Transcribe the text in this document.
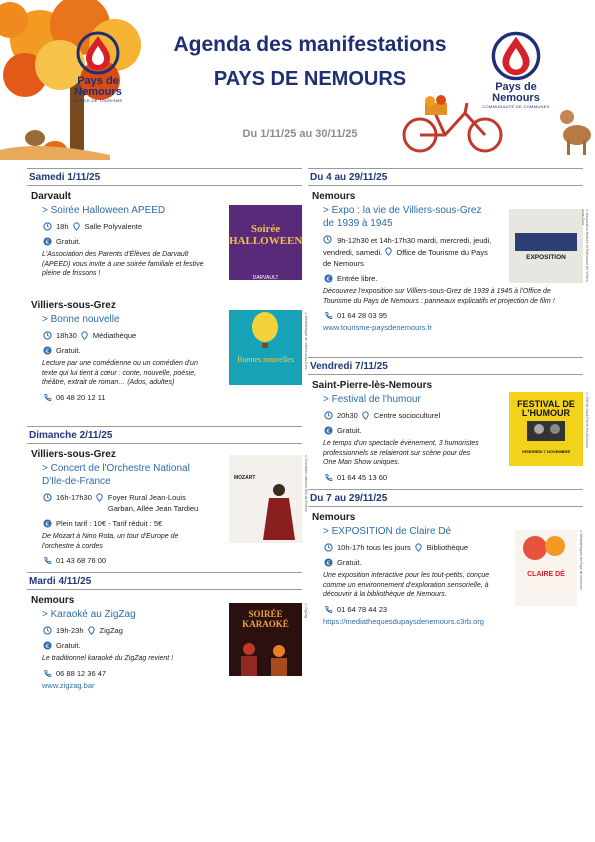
Pays de Nemours
OFFICE DE TOURISME
Agenda des manifestations
PAYS DE NEMOURS
Du 1/11/25 au 30/11/25
Pays de Nemours
COMMUNAUTÉ DE COMMUNES
Samedi 1/11/25
Darvault
> Soirée Halloween APEED
18h Salle Polyvalente
€ Gratuit.
L'Association des Parents d'Élèves de Darvault (APEED) vous invite à une soirée familiale et festive pleine de frissons !
Soirée HALLOWEEN
DARVAULT
Villiers-sous-Grez
> Bonne nouvelle
18h30 Médiathèque
€ Gratuit.
Lecture par une comédienne ou un comédien d'un texte qui lui tient à cœur : conte, nouvelle, poésie, théâtre, extrait de roman… (Ados, adultes)
06 48 20 12 11
Bonnes nouvelles	©Médiathèque de Villiers-sous-Grez
Dimanche 2/11/25
Villiers-sous-Grez
> Concert de l'Orchestre National D'Ile-de-France
16h-17h30 Foyer Rural Jean-Louis Garban, Allée Jean Tardieu
€ Plein tarif : 10€ - Tarif réduit : 5€
De Mozart à Nino Rota, un tour d'Europe de l'orchestre à cordes
01 43 68 76 00
MOZART	©Orchestre national d'Île-de-France
Mardi 4/11/25
Nemours
> Karaoké au ZigZag
19h-23h ZigZag
€ Gratuit.
Le traditionnel karaoké du ZigZag revient !
06 88 12 36 47
www.zigzag.bar
SOIRÉE KARAOKÉ
©ZigZag
Du 4 au 29/11/25
Nemours
> Expo : la vie de Villiers-sous-Grez de 1939 à 1945
9h-12h30 et 14h-17h30 mardi, mercredi, jeudi, vendredi, samedi. Office de Tourisme du Pays de Nemours
€ Entrée libre.
Découvrez l'exposition sur Villiers-sous-Grez de 1939 à 1945 à l'Office de Tourisme du Pays de Nemours : panneaux explicatifs et projection de film !
01 64 28 03 95
www.tourisme-paysdenemours.fr
EXPOSITION	©Association Histoire et Patrimoine de Villiers-sous-Grez
Vendredi 7/11/25
Saint-Pierre-lès-Nemours
> Festival de l'humour
20h30 Centre socioculturel
€ Gratuit.
Le temps d'un spectacle évènement, 3 humoristes professionnels se relaieront sur scène pour des One Man Show uniques.
01 64 45 13 60
FESTIVAL DE L'HUMOUR
VENDREDI 7 NOVEMBRE
©Ville de Saint-Pierre-lès-Nemours
Du 7 au 29/11/25
Nemours
> EXPOSITION de Claire Dé
10h-17h tous les jours Bibliothèque
€ Gratuit.
Une exposition interactive pour les tout-petits, conçue comme un environnement d'exploration sensorielle, à découvrir à la bibliothèque de Nemours.
01 64 78 44 23
https://mediathequesdupaysdenemours.c3rb.org
CLAIRE DÉ	©Médiathèques du Pays de Nemours
